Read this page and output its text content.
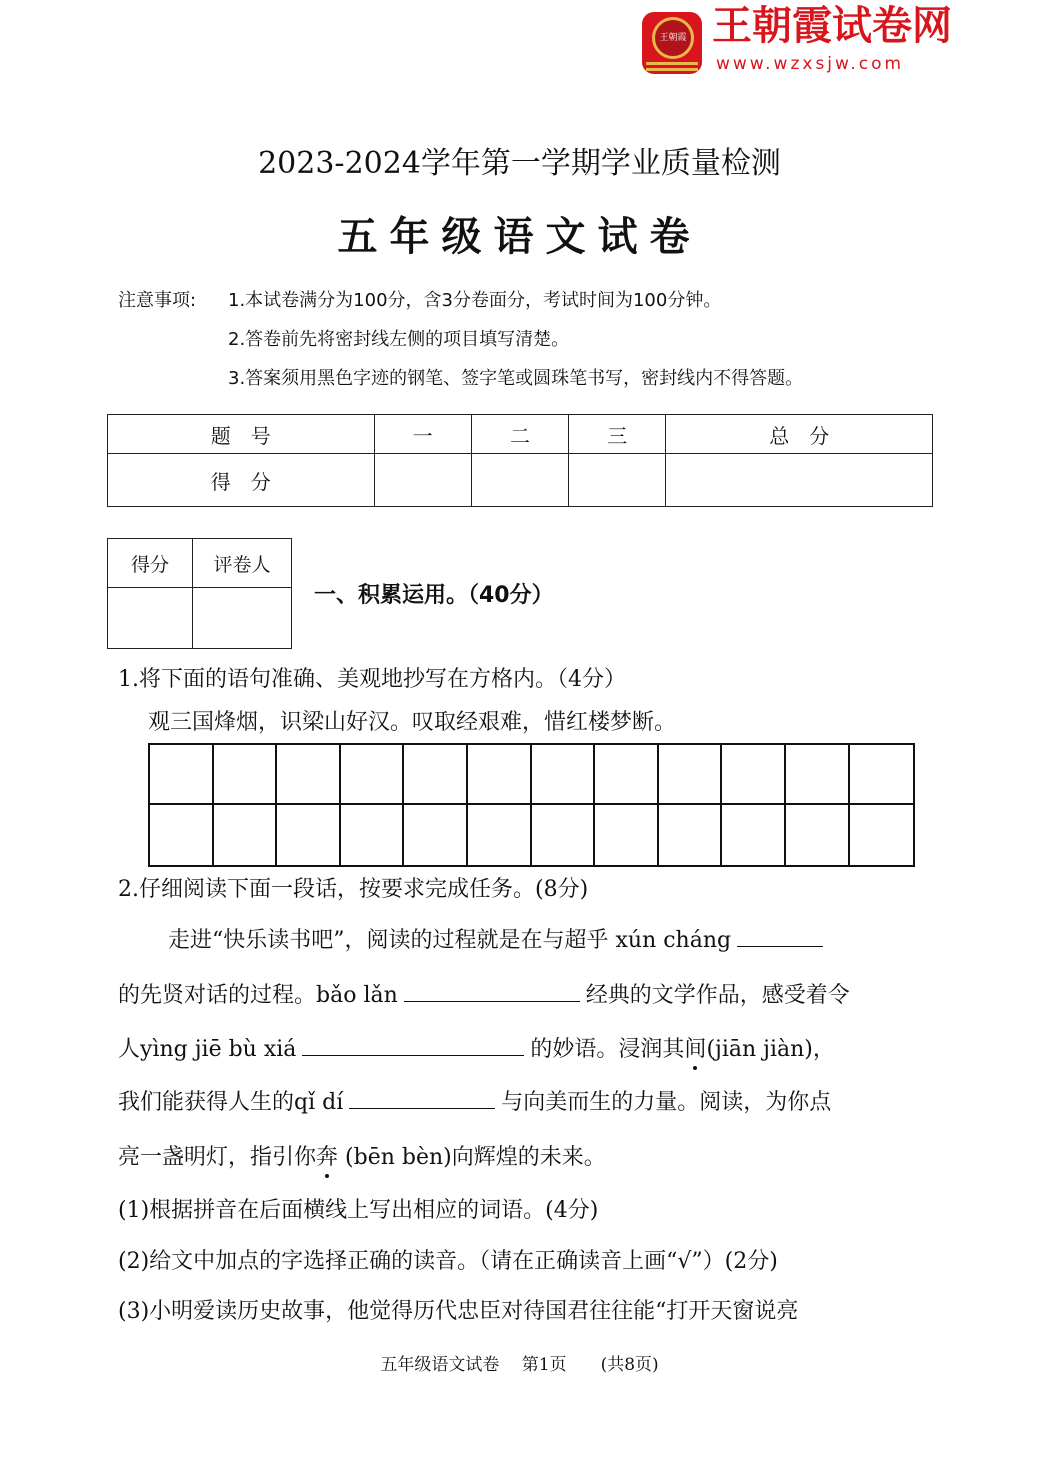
王朝霞 王朝霞试卷网
www.wzxsjw.com
2023-2024学年第一学期学业质量检测
五年级语文试卷
注意事项: 1.本试卷满分为100分，含3分卷面分，考试时间为100分钟。
2.答卷前先将密封线左侧的项目填写清楚。
3.答案须用黑色字迹的钢笔、签字笔或圆珠笔书写，密封线内不得答题。
题　号	一	二	三	总　分
得　分				
得分	评卷人

一、积累运用。（40分）
1.将下面的语句准确、美观地抄写在方格内。（4分）
观三国烽烟，识梁山好汉。叹取经艰难，惜红楼梦断。
2.仔细阅读下面一段话，按要求完成任务。(8分)
走进“快乐读书吧”，阅读的过程就是在与超乎 xún cháng
的先贤对话的过程。bǎo lǎn	经典的文学作品，感受着令
人yìng jiē bù xiá	的妙语。浸润其间(jiān jiàn)，
我们能获得人生的qǐ dí	与向美而生的力量。阅读，为你点
亮一盏明灯，指引你奔 (bēn bèn)向辉煌的未来。
(1)根据拼音在后面横线上写出相应的词语。(4分)
(2)给文中加点的字选择正确的读音。（请在正确读音上画“√”）(2分)
(3)小明爱读历史故事，他觉得历代忠臣对待国君往往能“打开天窗说亮
五年级语文试卷　 第1页　　(共8页)
